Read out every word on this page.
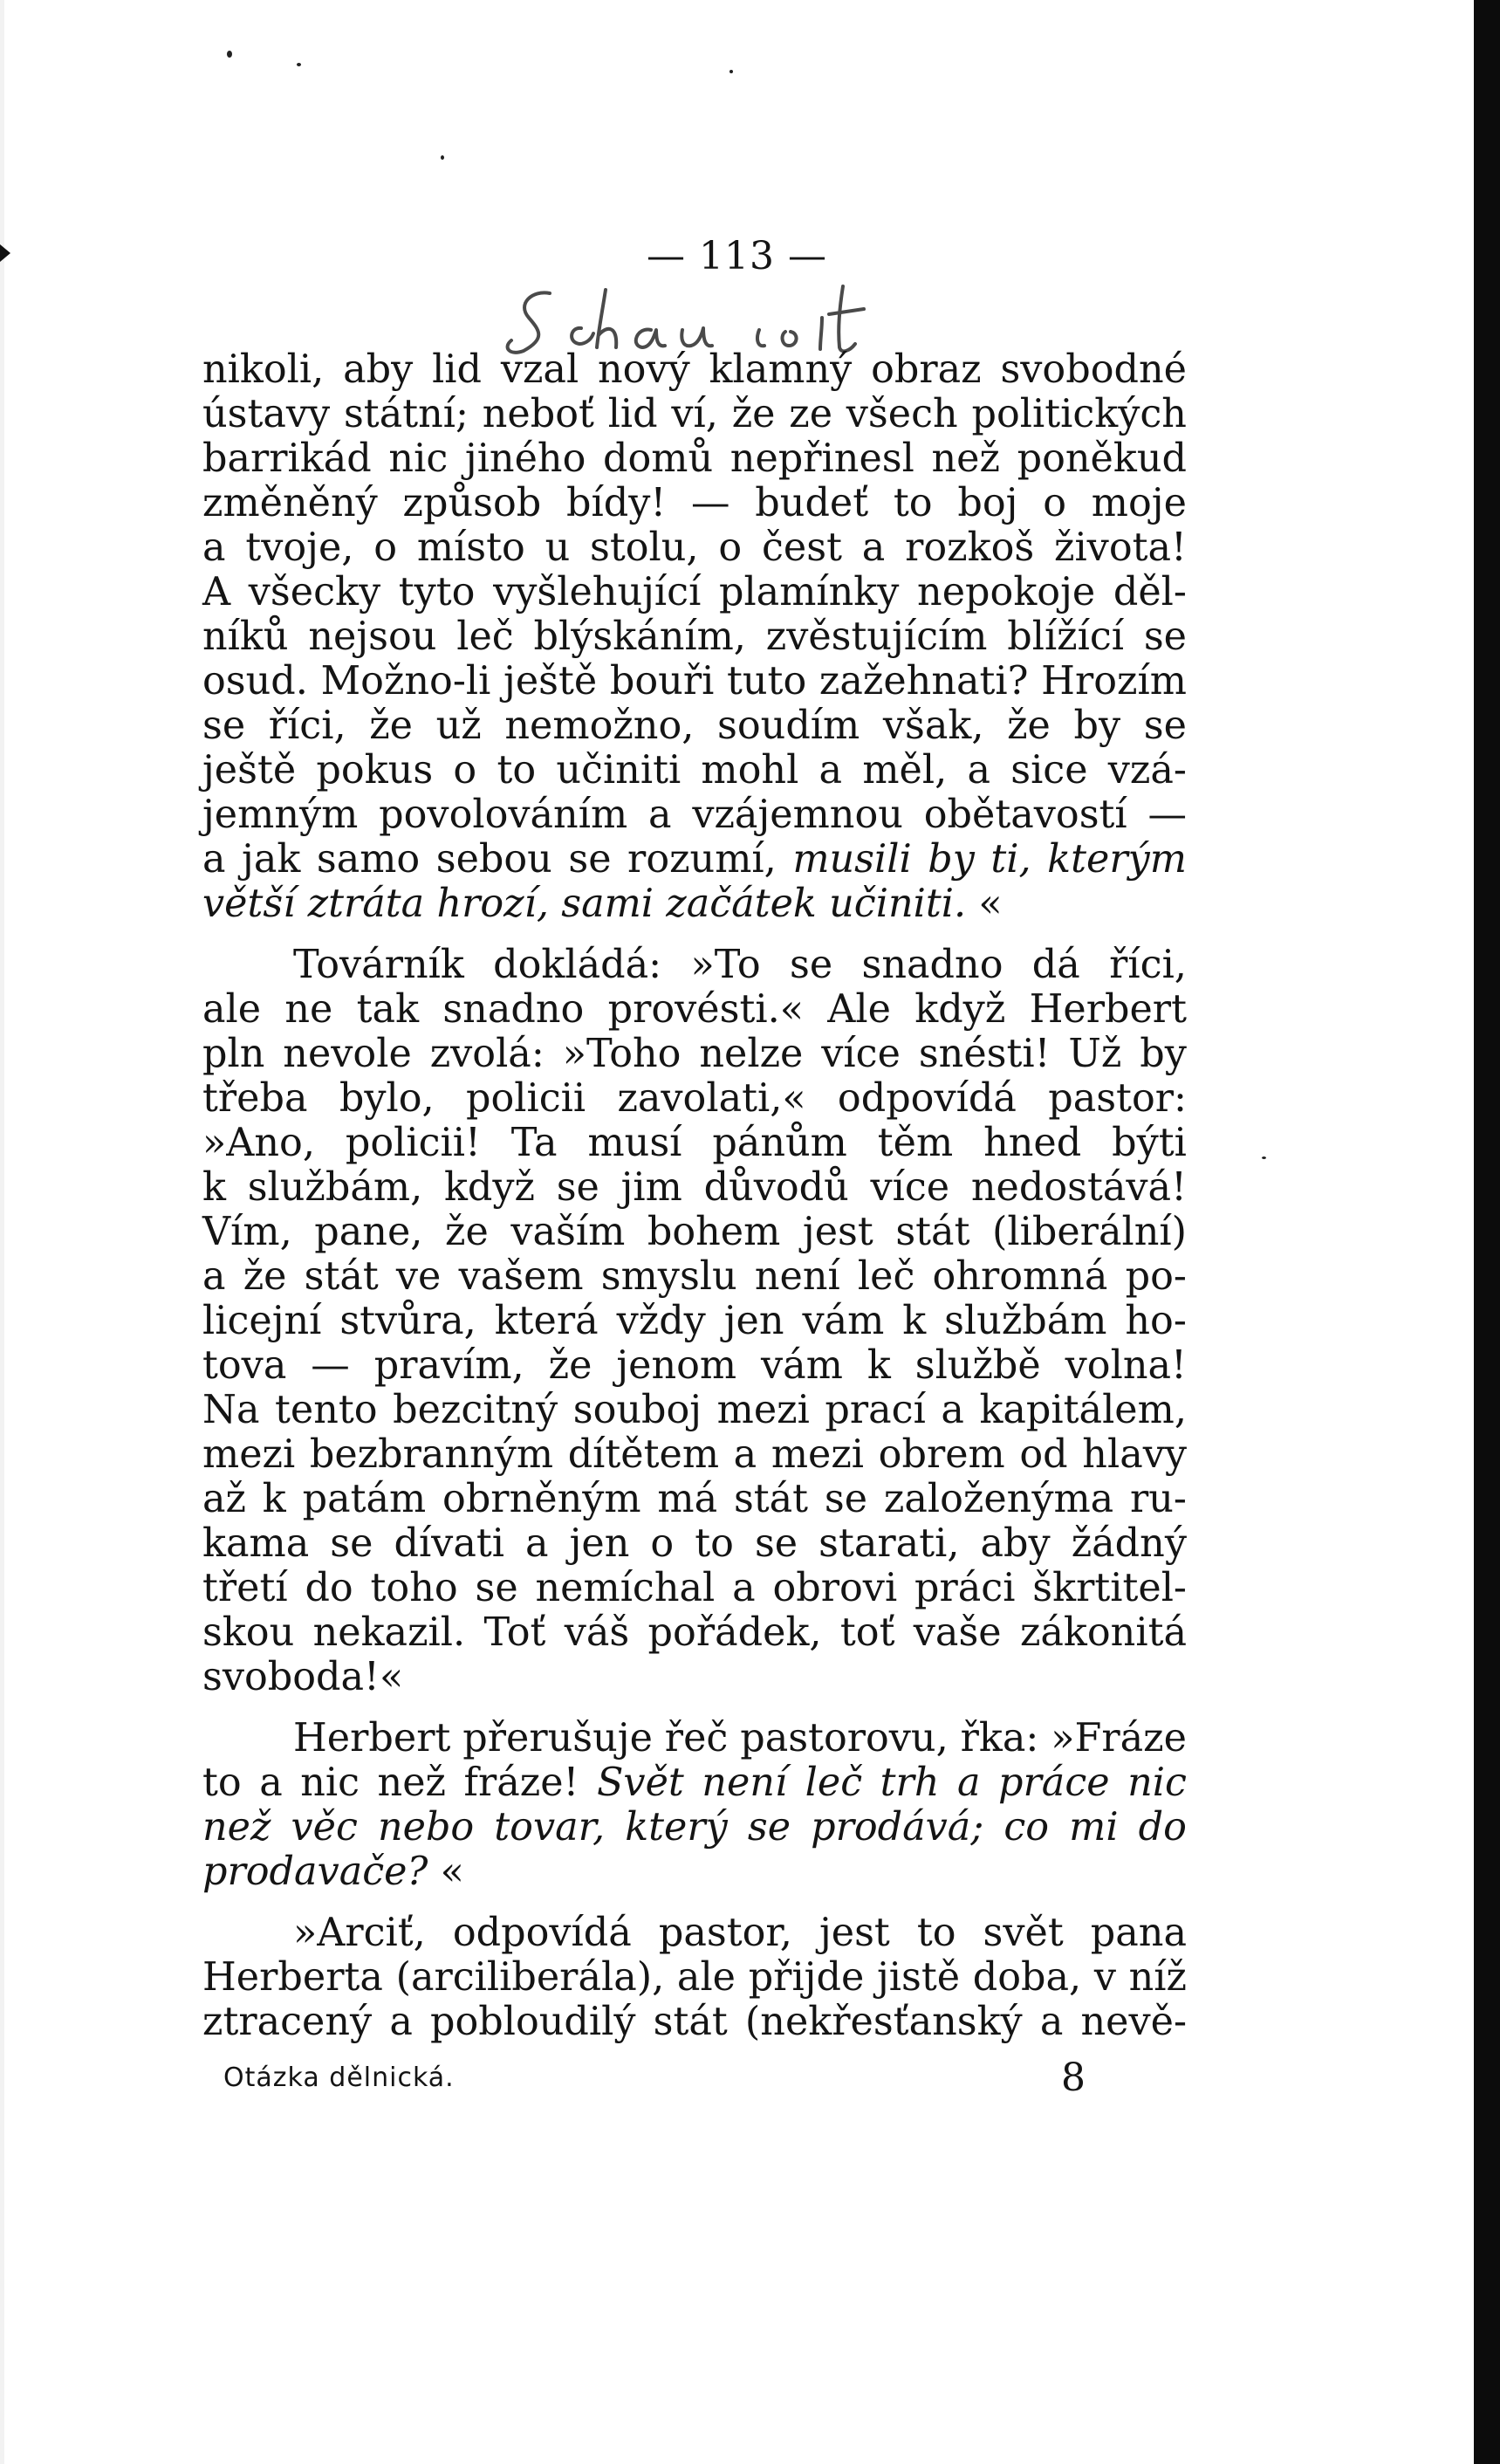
— 113 —
nikoli, aby lid vzal nový klamný obraz svobodné
ústavy státní; neboť lid ví, že ze všech politických
barrikád nic jiného domů nepřinesl než poněkud
změněný způsob bídy! — budeť to boj o moje
a tvoje, o místo u stolu, o čest a rozkoš života!
A všecky tyto vyšlehující plamínky nepokoje děl-
níků nejsou leč blýskáním, zvěstujícím blížící se
osud. Možno-li ještě bouři tuto zažehnati? Hrozím
se říci, že už nemožno, soudím však, že by se
ještě pokus o to učiniti mohl a měl, a sice vzá-
jemným povolováním a vzájemnou obětavostí —
a jak samo sebou se rozumí, musili by ti, kterým
větší ztráta hrozí, sami začátek učiniti. «
Továrník dokládá: »To se snadno dá říci,
ale ne tak snadno provésti.« Ale když Herbert
pln nevole zvolá: »Toho nelze více snésti! Už by
třeba bylo, policii zavolati,« odpovídá pastor:
»Ano, policii! Ta musí pánům těm hned býti
k službám, když se jim důvodů více nedostává!
Vím, pane, že vaším bohem jest stát (liberální)
a že stát ve vašem smyslu není leč ohromná po-
licejní stvůra, která vždy jen vám k službám ho-
tova — pravím, že jenom vám k službě volna!
Na tento bezcitný souboj mezi prací a kapitálem,
mezi bezbranným dítětem a mezi obrem od hlavy
až k patám obrněným má stát se založenýma ru-
kama se dívati a jen o to se starati, aby žádný
třetí do toho se nemíchal a obrovi práci škrtitel-
skou nekazil. Toť váš pořádek, toť vaše zákonitá
svoboda!«
Herbert přerušuje řeč pastorovu, řka: »Fráze
to a nic než fráze! Svět není leč trh a práce nic
než věc nebo tovar, který se prodává; co mi do
prodavače? «
»Arciť, odpovídá pastor, jest to svět pana
Herberta (arciliberála), ale přijde jistě doba, v níž
ztracený a pobloudilý stát (nekřesťanský a nevě-
Otázka dělnická.	8
